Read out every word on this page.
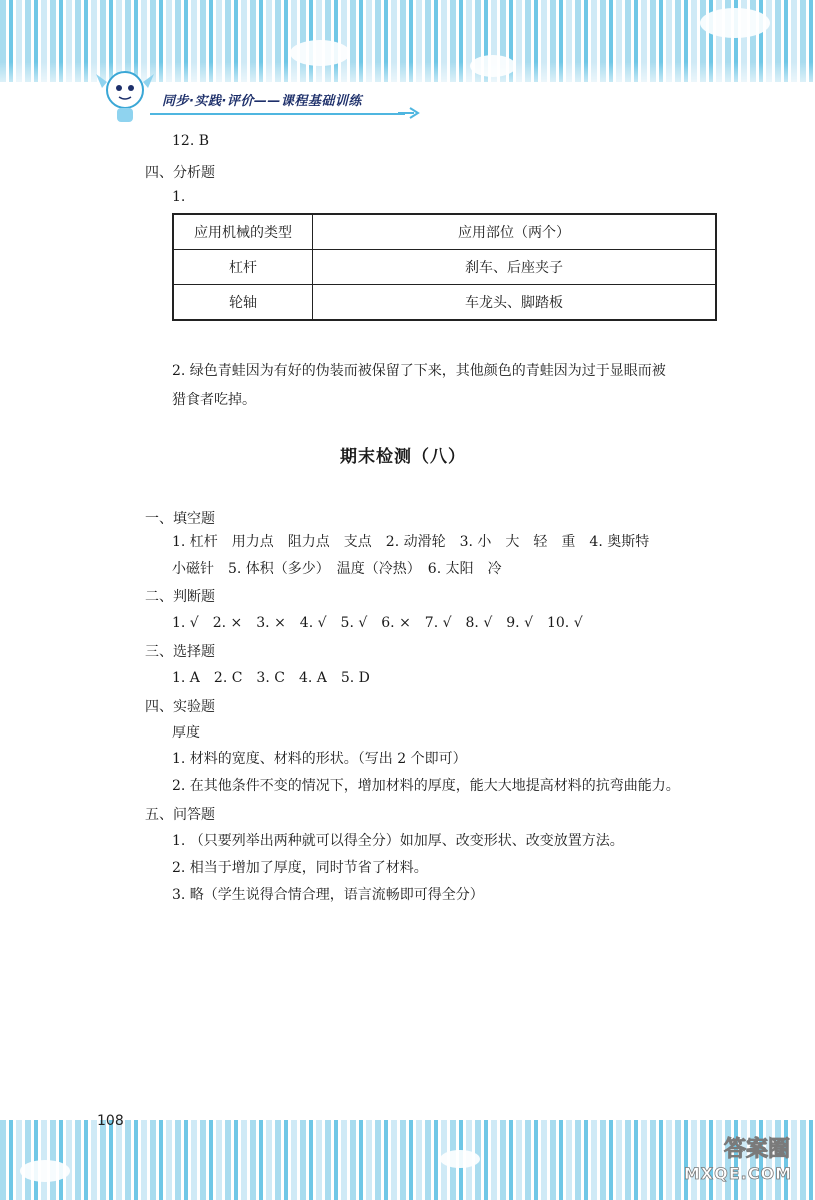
同步·实践·评价——课程基础训练
12. B
四、分析题
1.
应用机械的类型	应用部位（两个）
杠杆	刹车、后座夹子
轮轴	车龙头、脚踏板
2. 绿色青蛙因为有好的伪装而被保留了下来，其他颜色的青蛙因为过于显眼而被
猎食者吃掉。
期末检测（八）
一、填空题
1. 杠杆　用力点　阻力点　支点　2. 动滑轮　3. 小　大　轻　重　4. 奥斯特
小磁针　5. 体积（多少）　温度（冷热）　6. 太阳　冷
二、判断题
1. √　2. ×　3. ×　4. √　5. √　6. ×　7. √　8. √　9. √　10. √
三、选择题
1. A　2. C　3. C　4. A　5. D
四、实验题
厚度
1. 材料的宽度、材料的形状。（写出 2 个即可）
2. 在其他条件不变的情况下，增加材料的厚度，能大大地提高材料的抗弯曲能力。
五、问答题
1. （只要列举出两种就可以得全分）如加厚、改变形状、改变放置方法。
2. 相当于增加了厚度，同时节省了材料。
3. 略（学生说得合情合理，语言流畅即可得全分）
108
答案圈
MXQE.COM
